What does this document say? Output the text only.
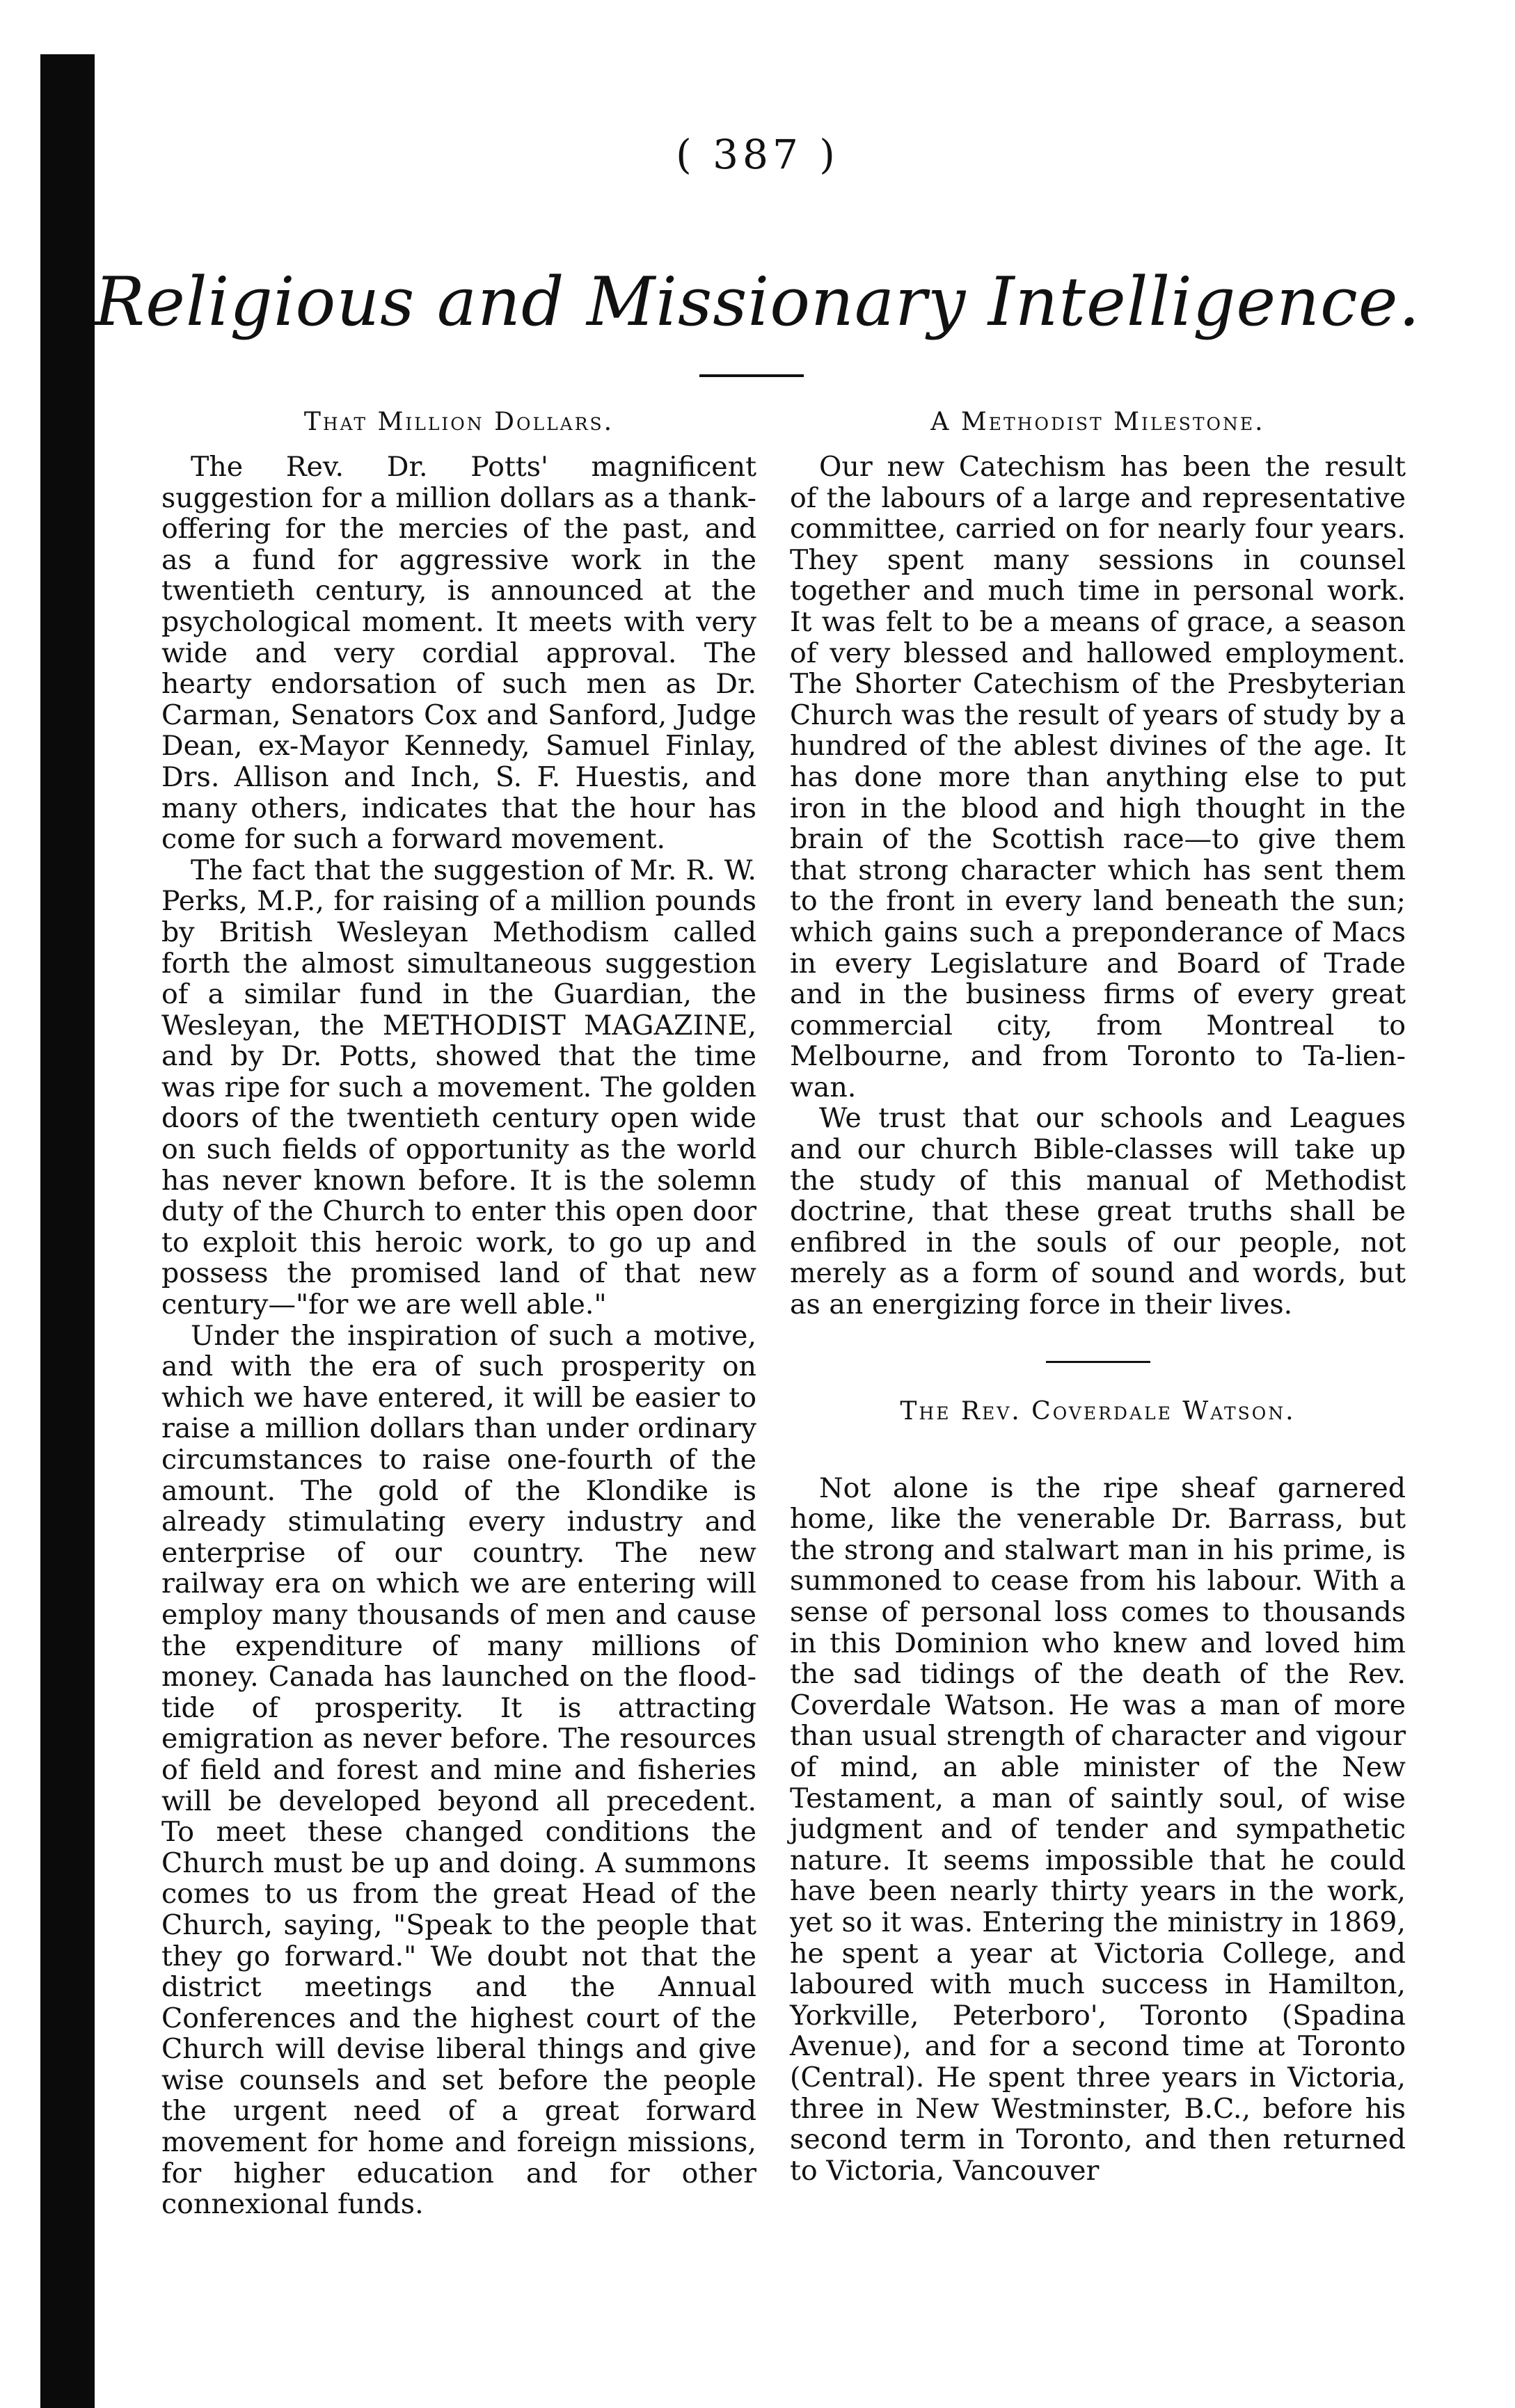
( 387 )
Religious and Missionary Intelligence.
That Million Dollars.

The Rev. Dr. Potts' magnificent suggestion for a million dollars as a thank-offering for the mercies of the past, and as a fund for aggressive work in the twentieth century, is announced at the psychological moment. It meets with very wide and very cordial approval. The hearty endorsation of such men as Dr. Carman, Senators Cox and Sanford, Judge Dean, ex-Mayor Kennedy, Samuel Finlay, Drs. Allison and Inch, S. F. Huestis, and many others, indicates that the hour has come for such a forward movement.

The fact that the suggestion of Mr. R. W. Perks, M.P., for raising of a million pounds by British Wesleyan Methodism called forth the almost simultaneous suggestion of a similar fund in the Guardian, the Wesleyan, the METHODIST MAGAZINE, and by Dr. Potts, showed that the time was ripe for such a movement. The golden doors of the twentieth century open wide on such fields of opportunity as the world has never known before. It is the solemn duty of the Church to enter this open door to exploit this heroic work, to go up and possess the promised land of that new century—"for we are well able."

Under the inspiration of such a motive, and with the era of such prosperity on which we have entered, it will be easier to raise a million dollars than under ordinary circumstances to raise one-fourth of the amount. The gold of the Klondike is already stimulating every industry and enterprise of our country. The new railway era on which we are entering will employ many thousands of men and cause the expenditure of many millions of money. Canada has launched on the flood-tide of prosperity. It is attracting emigration as never before. The resources of field and forest and mine and fisheries will be developed beyond all precedent. To meet these changed conditions the Church must be up and doing. A summons comes to us from the great Head of the Church, saying, "Speak to the people that they go forward." We doubt not that the district meetings and the Annual Conferences and the highest court of the Church will devise liberal things and give wise counsels and set before the people the urgent need of a great forward movement for home and foreign missions, for higher education and for other connexional funds.

A Methodist Milestone.

Our new Catechism has been the result of the labours of a large and representative committee, carried on for nearly four years. They spent many sessions in counsel together and much time in personal work. It was felt to be a means of grace, a season of very blessed and hallowed employment. The Shorter Catechism of the Presbyterian Church was the result of years of study by a hundred of the ablest divines of the age. It has done more than anything else to put iron in the blood and high thought in the brain of the Scottish race—to give them that strong character which has sent them to the front in every land beneath the sun; which gains such a preponderance of Macs in every Legislature and Board of Trade and in the business firms of every great commercial city, from Montreal to Melbourne, and from Toronto to Ta-lien-wan.

We trust that our schools and Leagues and our church Bible-classes will take up the study of this manual of Methodist doctrine, that these great truths shall be enfibred in the souls of our people, not merely as a form of sound and words, but as an energizing force in their lives.

The Rev. Coverdale Watson.

Not alone is the ripe sheaf garnered home, like the venerable Dr. Barrass, but the strong and stalwart man in his prime, is summoned to cease from his labour. With a sense of personal loss comes to thousands in this Dominion who knew and loved him the sad tidings of the death of the Rev. Coverdale Watson. He was a man of more than usual strength of character and vigour of mind, an able minister of the New Testament, a man of saintly soul, of wise judgment and of tender and sympathetic nature. It seems impossible that he could have been nearly thirty years in the work, yet so it was. Entering the ministry in 1869, he spent a year at Victoria College, and laboured with much success in Hamilton, Yorkville, Peterboro', Toronto (Spadina Avenue), and for a second time at Toronto (Central). He spent three years in Victoria, three in New Westminster, B.C., before his second term in Toronto, and then returned to Victoria, Vancouver
